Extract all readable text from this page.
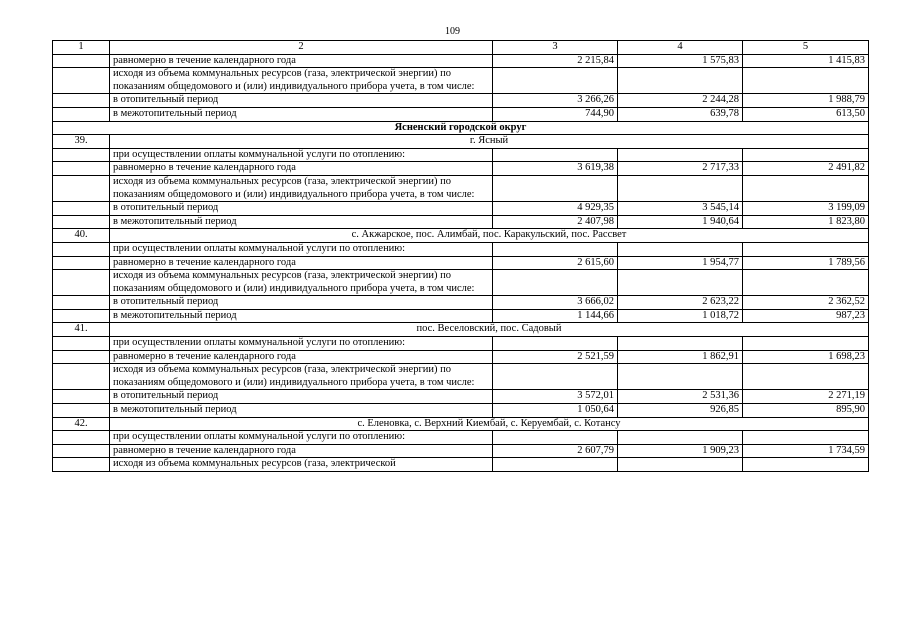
109
1	2	3	4	5
	равномерно в течение календарного года	2 215,84	1 575,83	1 415,83
	исходя из объема коммунальных ресурсов (газа, электрической энергии) по показаниям общедомового и (или) индивидуального прибора учета, в том числе:			
	в отопительный период	3 266,26	2 244,28	1 988,79
	в межотопительный период	744,90	639,78	613,50
Ясненский городской округ				
39.	г. Ясный			
	при осуществлении оплаты коммунальной услуги по отоплению:			
	равномерно в течение календарного года	3 619,38	2 717,33	2 491,82
	исходя из объема коммунальных ресурсов (газа, электрической энергии) по показаниям общедомового и (или) индивидуального прибора учета, в том числе:			
	в отопительный период	4 929,35	3 545,14	3 199,09
	в межотопительный период	2 407,98	1 940,64	1 823,80
40.	с. Акжарское, пос. Алимбай, пос. Каракульский, пос. Рассвет			
	при осуществлении оплаты коммунальной услуги по отоплению:			
	равномерно в течение календарного года	2 615,60	1 954,77	1 789,56
	исходя из объема коммунальных ресурсов (газа, электрической энергии) по показаниям общедомового и (или) индивидуального прибора учета, в том числе:			
	в отопительный период	3 666,02	2 623,22	2 362,52
	в межотопительный период	1 144,66	1 018,72	987,23
41.	пос. Веселовский, пос. Садовый			
	при осуществлении оплаты коммунальной услуги по отоплению:			
	равномерно в течение календарного года	2 521,59	1 862,91	1 698,23
	исходя из объема коммунальных ресурсов (газа, электрической энергии) по показаниям общедомового и (или) индивидуального прибора учета, в том числе:			
	в отопительный период	3 572,01	2 531,36	2 271,19
	в межотопительный период	1 050,64	926,85	895,90
42.	с. Еленовка, с. Верхний Киембай, с. Керуембай, с. Котансу			
	при осуществлении оплаты коммунальной услуги по отоплению:			
	равномерно в течение календарного года	2 607,79	1 909,23	1 734,59
	исходя из объема коммунальных ресурсов (газа, электрической			
